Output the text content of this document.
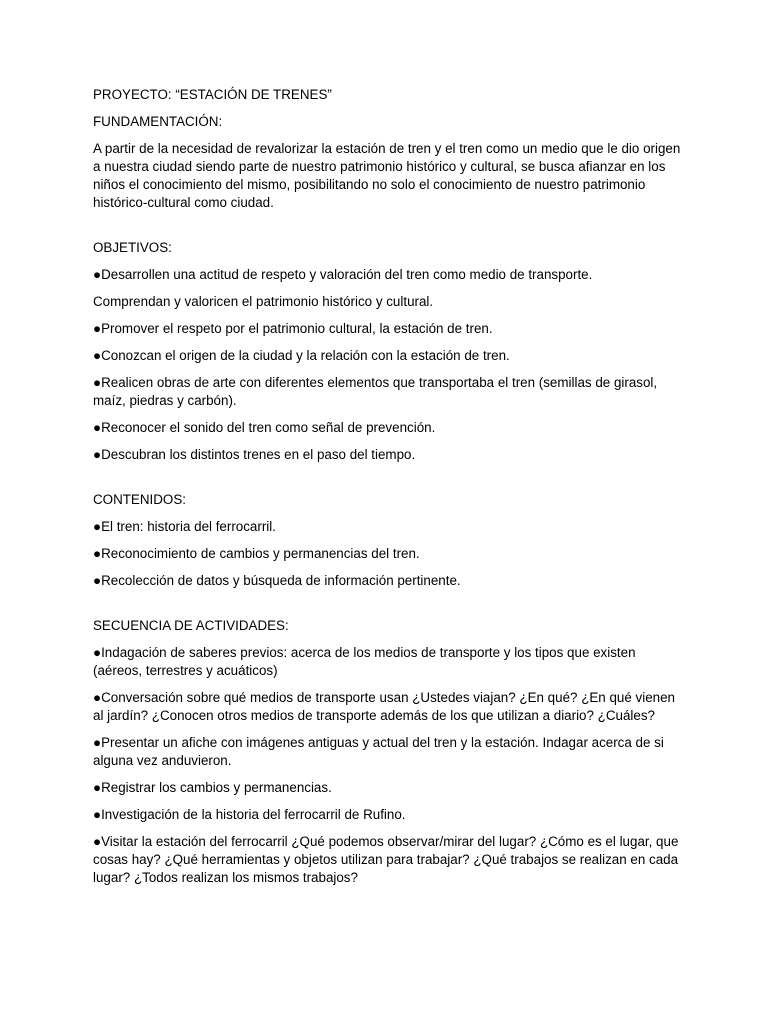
PROYECTO: “ESTACIÓN DE TRENES”

FUNDAMENTACIÓN:

A partir de la necesidad de revalorizar la estación de tren y el tren como un medio que le dio origen a nuestra ciudad siendo parte de nuestro patrimonio histórico y cultural, se busca afianzar en los niños el conocimiento del mismo, posibilitando no solo el conocimiento de nuestro patrimonio histórico-cultural como ciudad.

OBJETIVOS:

●Desarrollen una actitud de respeto y valoración del tren como medio de transporte.

Comprendan y valoricen el patrimonio histórico y cultural.

●Promover el respeto por el patrimonio cultural, la estación de tren.

●Conozcan el origen de la ciudad y la relación con la estación de tren.

●Realicen obras de arte con diferentes elementos que transportaba el tren (semillas de girasol, maíz, piedras y carbón).

●Reconocer el sonido del tren como señal de prevención.

●Descubran los distintos trenes en el paso del tiempo.

CONTENIDOS:

●El tren: historia del ferrocarril.

●Reconocimiento de cambios y permanencias del tren.

●Recolección de datos y búsqueda de información pertinente.

SECUENCIA DE ACTIVIDADES:

●Indagación de saberes previos: acerca de los medios de transporte y los tipos que existen (aéreos, terrestres y acuáticos)

●Conversación sobre qué medios de transporte usan ¿Ustedes viajan? ¿En qué? ¿En qué vienen al jardín? ¿Conocen otros medios de transporte además de los que utilizan a diario? ¿Cuáles?

●Presentar un afiche con imágenes antiguas y actual del tren y la estación. Indagar acerca de si alguna vez anduvieron.

●Registrar los cambios y permanencias.

●Investigación de la historia del ferrocarril de Rufino.

●Visitar la estación del ferrocarril ¿Qué podemos observar/mirar del lugar? ¿Cómo es el lugar, que cosas hay? ¿Qué herramientas y objetos utilizan para trabajar? ¿Qué trabajos se realizan en cada lugar? ¿Todos realizan los mismos trabajos?
